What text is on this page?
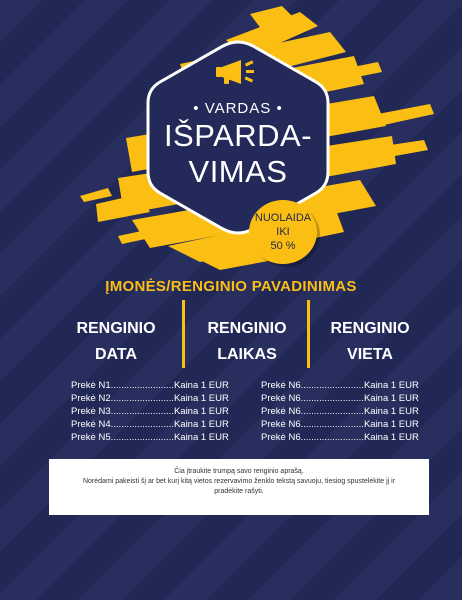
• VARDAS •
IŠPARDA-
VIMAS
NUOLAIDA
IKI
50 %
ĮMONĖS/RENGINIO PAVADINIMAS
RENGINIO
DATA
RENGINIO
LAIKAS
RENGINIO
VIETA
Prekė N1........................Kaina 1 EUR
Prekė N2........................Kaina 1 EUR
Prekė N3........................Kaina 1 EUR
Prekė N4........................Kaina 1 EUR
Prekė N5........................Kaina 1 EUR
Prekė N6........................Kaina 1 EUR
Prekė N6........................Kaina 1 EUR
Prekė N6........................Kaina 1 EUR
Prekė N6........................Kaina 1 EUR
Prekė N6........................Kaina 1 EUR
Čia įtraukite trumpą savo renginio aprašą.
Norėdami pakeisti šį ar bet kurį kitą vietos rezervavimo ženklo tekstą savuoju, tiesiog spustelėkite jį ir
pradėkite rašyti.
